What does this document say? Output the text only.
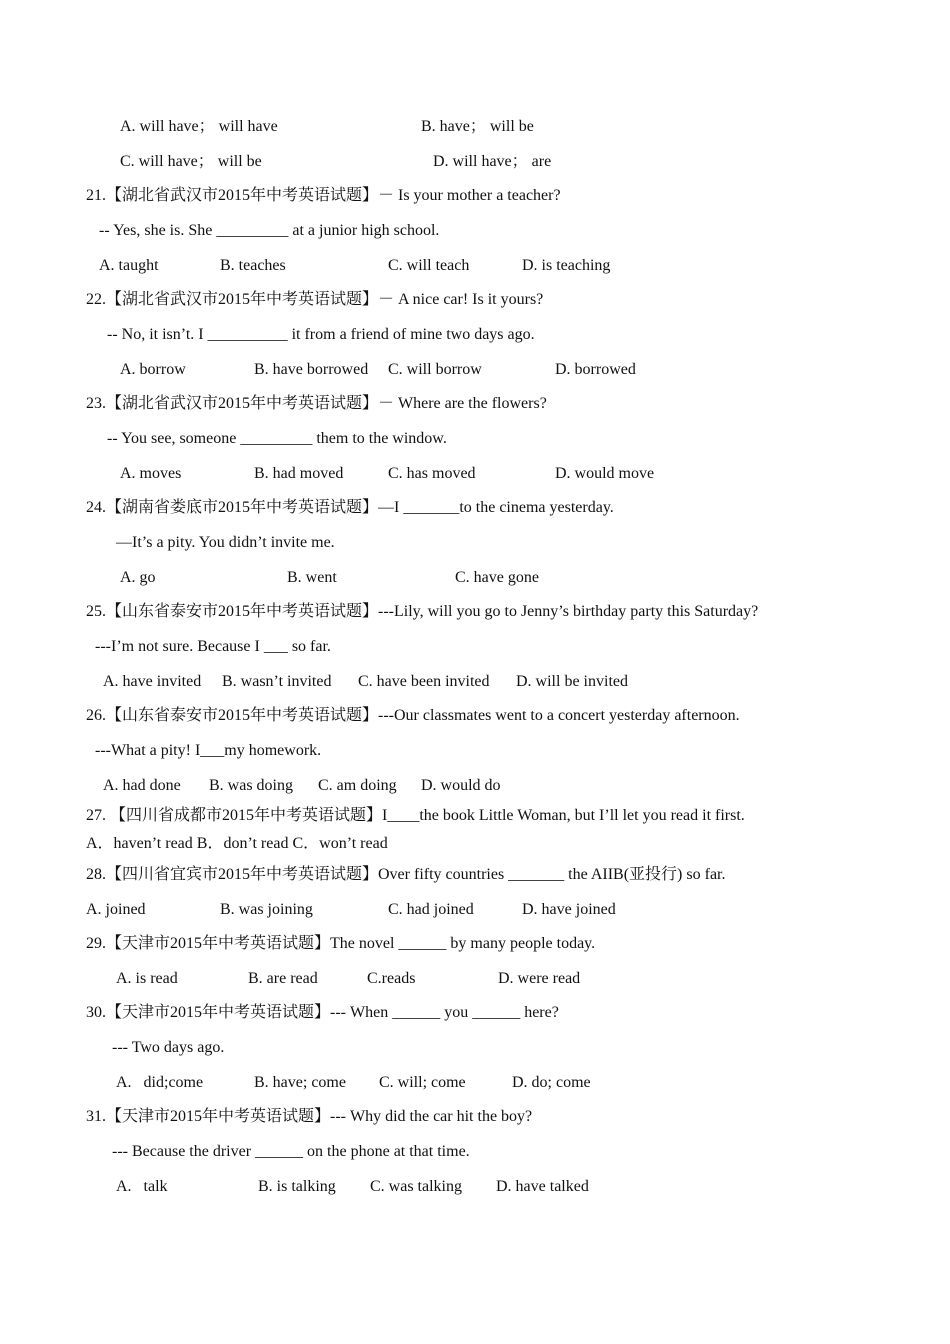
A. will have； will have	B. have； will be
C. will have； will be	D. will have； are
21.【湖北省武汉市2015年中考英语试题】－ Is your mother a teacher?
-- Yes, she is. She _________ at a junior high school.
A. taught	B. teaches	C. will teach	D. is teaching
22.【湖北省武汉市2015年中考英语试题】－ A nice car! Is it yours?
-- No, it isn’t. I __________ it from a friend of mine two days ago.
A. borrow	B. have borrowed C. will borrow	D. borrowed
23.【湖北省武汉市2015年中考英语试题】－ Where are the flowers?
-- You see, someone _________ them to the window.
A. moves	B. had moved	C. has moved	D. would move
24.【湖南省娄底市2015年中考英语试题】—I _______to the cinema yesterday.
—It’s a pity. You didn’t invite me.
A. go	B. went	C. have gone
25.【山东省泰安市2015年中考英语试题】---Lily, will you go to Jenny’s birthday party this Saturday?
---I’m not sure. Because I ___ so far.
A. have invited B. wasn’t invited C. have been invited D. will be invited
26.【山东省泰安市2015年中考英语试题】---Our classmates went to a concert yesterday afternoon.
---What a pity! I___my homework.
A. had done B. was doing C. am doing D. would do
27. 【四川省成都市2015年中考英语试题】I____the book Little Woman, but I’ll let you read it first.
A．haven’t read B．don’t read C．won’t read
28.【四川省宜宾市2015年中考英语试题】Over fifty countries _______ the AIIB(亚投行) so far.
A. joined	B. was joining	C. had joined	D. have joined
29.【天津市2015年中考英语试题】The novel ______ by many people today.
A. is read	B. are read	C.reads	D. were read
30.【天津市2015年中考英语试题】--- When ______ you ______ here?
--- Two days ago.
A.   did;come	B. have; come C. will; come	D. do; come
31.【天津市2015年中考英语试题】--- Why did the car hit the boy?
--- Because the driver ______ on the phone at that time.
A.   talk	B. is talking C. was talking D. have talked
